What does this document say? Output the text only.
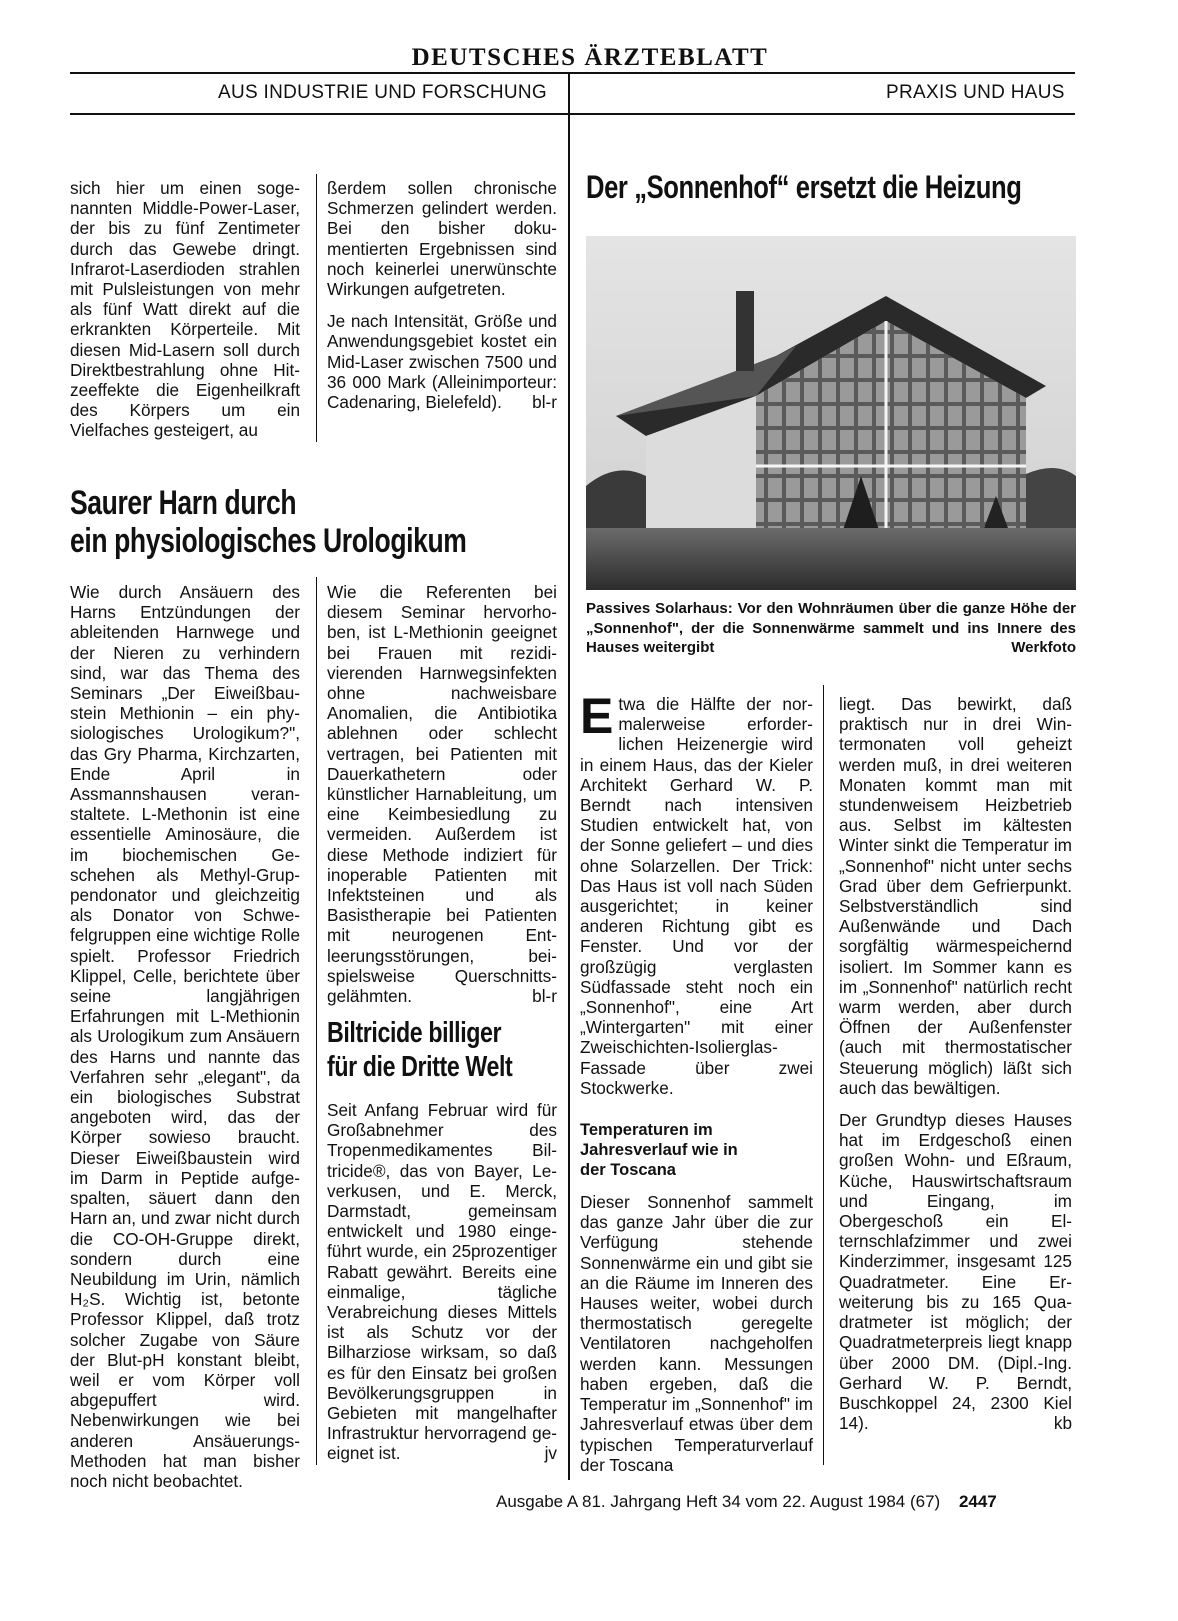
DEUTSCHES ÄRZTEBLATT
AUS INDUSTRIE UND FORSCHUNG	PRAXIS UND HAUS

sich hier um einen sogenannten Middle-Power-Laser, der bis zu fünf Zentimeter durch das Gewebe dringt. Infrarot-Laserdioden strahlen mit Pulsleistungen von mehr als fünf Watt direkt auf die erkrankten Körperteile. Mit diesen Mid-Lasern soll durch Direktbestrahlung ohne Hitzeeffekte die Eigenheilkraft des Körpers um ein Vielfaches gesteigert, au

ßerdem sollen chronische Schmerzen gelindert werden. Bei den bisher dokumentierten Ergebnissen sind noch keinerlei unerwünschte Wirkungen aufgetreten.

Je nach Intensität, Größe und Anwendungsgebiet kostet ein Mid-Laser zwischen 7500 und 36 000 Mark (Alleinimporteur: Cadenaring, Bielefeld). bl-r

Saurer Harn durch
ein physiologisches Urologikum

Wie durch Ansäuern des Harns Entzündungen der ableitenden Harnwege und der Nieren zu verhindern sind, war das Thema des Seminars „Der Eiweißbaustein Methionin – ein physiologisches Urologikum?", das Gry Pharma, Kirchzarten, Ende April in Assmannshausen veranstaltete. L-Methonin ist eine essentielle Aminosäure, die im biochemischen Geschehen als Methyl-Gruppendonator und gleichzeitig als Donator von Schwefelgruppen eine wichtige Rolle spielt. Professor Friedrich Klippel, Celle, berichtete über seine langjährigen Erfahrungen mit L-Methionin als Urologikum zum Ansäuern des Harns und nannte das Verfahren sehr „elegant", da ein biologisches Substrat angeboten wird, das der Körper sowieso braucht. Dieser Eiweißbaustein wird im Darm in Peptide aufgespalten, säuert dann den Harn an, und zwar nicht durch die CO-OH-Gruppe direkt, sondern durch eine Neubildung im Urin, nämlich H₂S. Wichtig ist, betonte Professor Klippel, daß trotz solcher Zugabe von Säure der Blut-pH konstant bleibt, weil er vom Körper voll abgepuffert wird. Nebenwirkungen wie bei anderen Ansäuerungs-Methoden hat man bisher noch nicht beobachtet.

Wie die Referenten bei diesem Seminar hervorhoben, ist L-Methionin geeignet bei Frauen mit rezidivierenden Harnwegsinfekten ohne nachweisbare Anomalien, die Antibiotika ablehnen oder schlecht vertragen, bei Patienten mit Dauerkathetern oder künstlicher Harnableitung, um eine Keimbesiedlung zu vermeiden. Außerdem ist diese Methode indiziert für inoperable Patienten mit Infektsteinen und als Basistherapie bei Patienten mit neurogenen Entleerungsstörungen, beispielsweise Querschnittsgelähmten.	bl-r

Biltricide billiger
für die Dritte Welt

Seit Anfang Februar wird für Großabnehmer des Tropenmedikamentes Biltricide®, das von Bayer, Leverkusen, und E. Merck, Darmstadt, gemeinsam entwickelt und 1980 eingeführt wurde, ein 25prozentiger Rabatt gewährt. Bereits eine einmalige, tägliche Verabreichung dieses Mittels ist als Schutz vor der Bilharziose wirksam, so daß es für den Einsatz bei großen Bevölkerungsgruppen in Gebieten mit mangelhafter Infrastruktur hervorragend geeignet ist.	jv

Der „Sonnenhof“ ersetzt die Heizung
Passives Solarhaus: Vor den Wohnräumen über die ganze Höhe der „Sonnenhof", der die Sonnenwärme sammelt und ins Innere des Hauses weitergibt	Werkfoto

Etwa die Hälfte der normalerweise erforderlichen Heizenergie wird in einem Haus, das der Kieler Architekt Gerhard W. P. Berndt nach intensiven Studien entwickelt hat, von der Sonne geliefert – und dies ohne Solarzellen. Der Trick: Das Haus ist voll nach Süden ausgerichtet; in keiner anderen Richtung gibt es Fenster. Und vor der großzügig verglasten Südfassade steht noch ein „Sonnenhof", eine Art „Wintergarten" mit einer Zweischichten-Isolierglas-Fassade über zwei Stockwerke.

Temperaturen im Jahresverlauf wie in der Toscana

Dieser Sonnenhof sammelt das ganze Jahr über die zur Verfügung stehende Sonnenwärme ein und gibt sie an die Räume im Inneren des Hauses weiter, wobei durch thermostatisch geregelte Ventilatoren nachgeholfen werden kann. Messungen haben ergeben, daß die Temperatur im „Sonnenhof" im Jahresverlauf etwas über dem typischen Temperaturverlauf der Toscana

liegt. Das bewirkt, daß praktisch nur in drei Wintermonaten voll geheizt werden muß, in drei weiteren Monaten kommt man mit stundenweisem Heizbetrieb aus. Selbst im kältesten Winter sinkt die Temperatur im „Sonnenhof" nicht unter sechs Grad über dem Gefrierpunkt. Selbstverständlich sind Außenwände und Dach sorgfältig wärmespeichernd isoliert. Im Sommer kann es im „Sonnenhof" natürlich recht warm werden, aber durch Öffnen der Außenfenster (auch mit thermostatischer Steuerung möglich) läßt sich auch das bewältigen.

Der Grundtyp dieses Hauses hat im Erdgeschoß einen großen Wohn- und Eßraum, Küche, Hauswirtschaftsraum und Eingang, im Obergeschoß ein Elternschlafzimmer und zwei Kinderzimmer, insgesamt 125 Quadratmeter. Eine Erweiterung bis zu 165 Quadratmeter ist möglich; der Quadratmeterpreis liegt knapp über 2000 DM. (Dipl.-Ing. Gerhard W. P. Berndt, Buschkoppel 24, 2300 Kiel 14).	kb

Ausgabe A 81. Jahrgang Heft 34 vom 22. August 1984 (67) 2447
